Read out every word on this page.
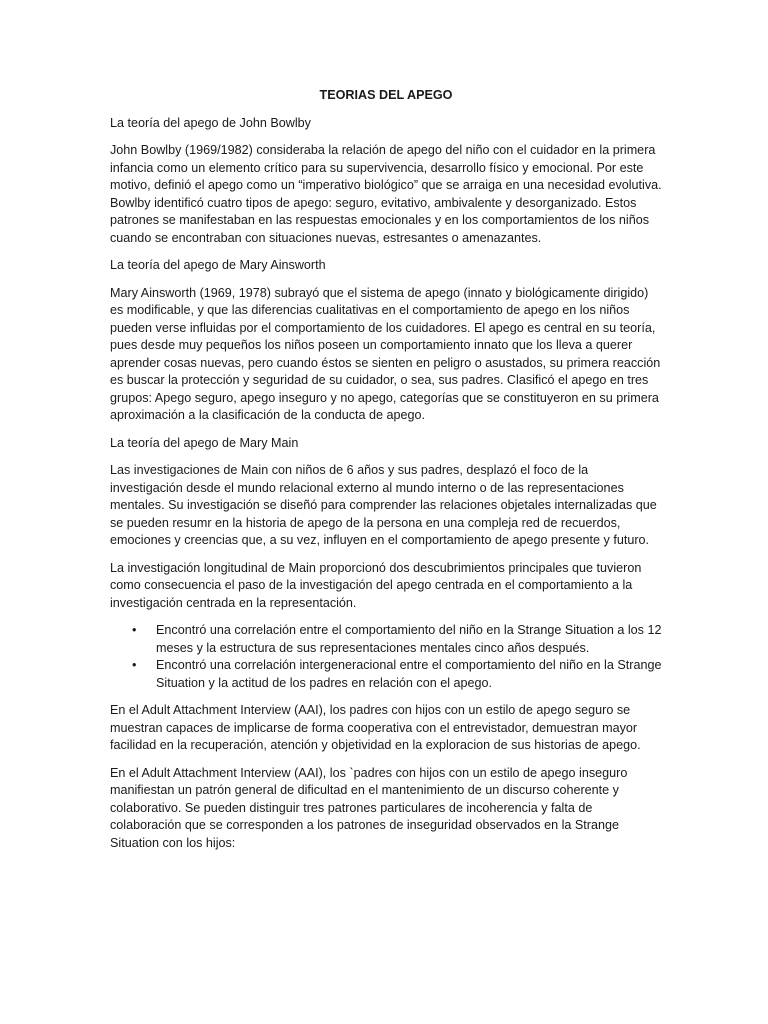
TEORIAS DEL APEGO
La teoría del apego de John Bowlby

John Bowlby (1969/1982) consideraba la relación de apego del niño con el cuidador en la primera infancia como un elemento crítico para su supervivencia, desarrollo físico y emocional. Por este motivo, definió el apego como un “imperativo biológico” que se arraiga en una necesidad evolutiva. Bowlby identificó cuatro tipos de apego: seguro, evitativo, ambivalente y desorganizado. Estos patrones se manifestaban en las respuestas emocionales y en los comportamientos de los niños cuando se encontraban con situaciones nuevas, estresantes o amenazantes.

La teoría del apego de Mary Ainsworth

Mary Ainsworth (1969, 1978) subrayó que el sistema de apego (innato y biológicamente dirigido) es modificable, y que las diferencias cualitativas en el comportamiento de apego en los niños pueden verse influidas por el comportamiento de los cuidadores. El apego es central en su teoría, pues desde muy pequeños los niños poseen un comportamiento innato que los lleva a querer aprender cosas nuevas, pero cuando éstos se sienten en peligro o asustados, su primera reacción es buscar la protección y seguridad de su cuidador, o sea, sus padres. Clasificó el apego en tres grupos: Apego seguro, apego inseguro y no apego, categorías que se constituyeron en su primera aproximación a la clasificación de la conducta de apego.

La teoría del apego de Mary Main

Las investigaciones de Main con niños de 6 años y sus padres, desplazó el foco de la investigación desde el mundo relacional externo al mundo interno o de las representaciones mentales. Su investigación se diseñó para comprender las relaciones objetales internalizadas que se pueden resumr en la historia de apego de la persona en una compleja red de recuerdos, emociones y creencias que, a su vez, influyen en el comportamiento de apego presente y futuro.

La investigación longitudinal de Main proporcionó dos descubrimientos principales que tuvieron como consecuencia el paso de la investigación del apego centrada en el comportamiento a la investigación centrada en la representación.

• Encontró una correlación entre el comportamiento del niño en la Strange Situation a los 12 meses y la estructura de sus representaciones mentales cinco años después.
• Encontró una correlación intergeneracional entre el comportamiento del niño en la Strange Situation y la actitud de los padres en relación con el apego.

En el Adult Attachment Interview (AAI), los padres con hijos con un estilo de apego seguro se muestran capaces de implicarse de forma cooperativa con el entrevistador, demuestran mayor facilidad en la recuperación, atención y objetividad en la exploracion de sus historias de apego.

En el Adult Attachment Interview (AAI), los `padres con hijos con un estilo de apego inseguro manifiestan un patrón general de dificultad en el mantenimiento de un discurso coherente y colaborativo. Se pueden distinguir tres patrones particulares de incoherencia y falta de colaboración que se corresponden a los patrones de inseguridad observados en la Strange Situation con los hijos:
